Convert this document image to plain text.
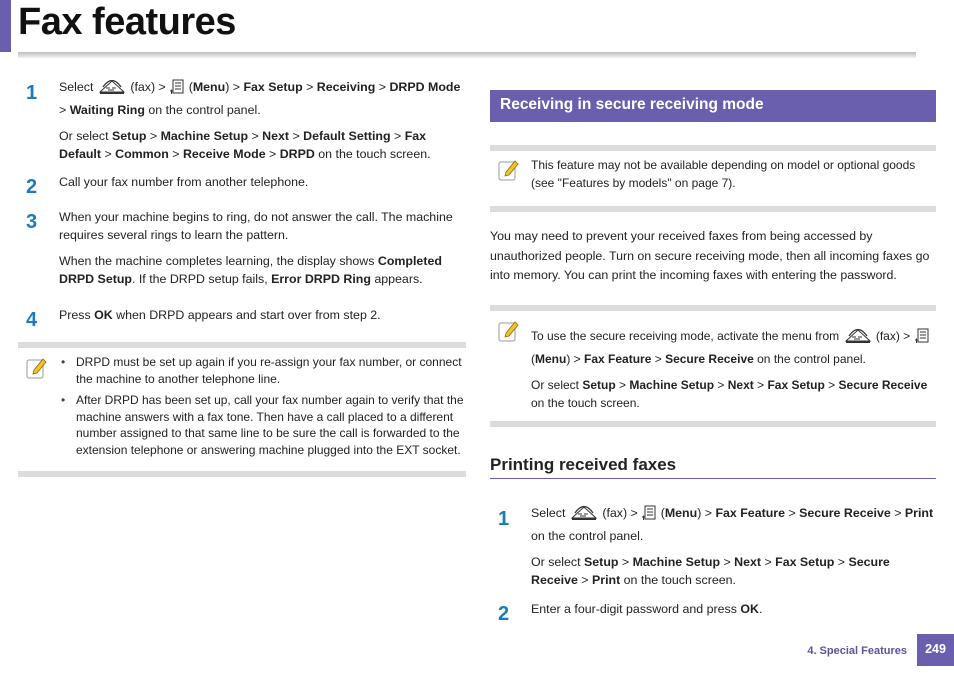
Fax features
1 Select  (fax) >  (Menu) > Fax Setup > Receiving > DRPD Mode > Waiting Ring on the control panel.
Or select Setup > Machine Setup > Next > Default Setting > Fax Default > Common > Receive Mode > DRPD on the touch screen.
2 Call your fax number from another telephone.
3 When your machine begins to ring, do not answer the call. The machine requires several rings to learn the pattern.
When the machine completes learning, the display shows Completed DRPD Setup. If the DRPD setup fails, Error DRPD Ring appears.
4 Press OK when DRPD appears and start over from step 2.
• DRPD must be set up again if you re-assign your fax number, or connect the machine to another telephone line.
• After DRPD has been set up, call your fax number again to verify that the machine answers with a fax tone. Then have a call placed to a different number assigned to that same line to be sure the call is forwarded to the extension telephone or answering machine plugged into the EXT socket.
Receiving in secure receiving mode
This feature may not be available depending on model or optional goods (see "Features by models" on page 7).
You may need to prevent your received faxes from being accessed by unauthorized people. Turn on secure receiving mode, then all incoming faxes go into memory. You can print the incoming faxes with entering the password.
To use the secure receiving mode, activate the menu from	(fax) >  (Menu) > Fax Feature > Secure Receive on the control panel.
Or select Setup > Machine Setup > Next > Fax Setup > Secure Receive on the touch screen.
Printing received faxes
1 Select  (fax) >  (Menu) > Fax Feature > Secure Receive > Print on the control panel.
Or select Setup > Machine Setup > Next > Fax Setup > Secure Receive > Print on the touch screen.
2 Enter a four-digit password and press OK.
4. Special Features	249
